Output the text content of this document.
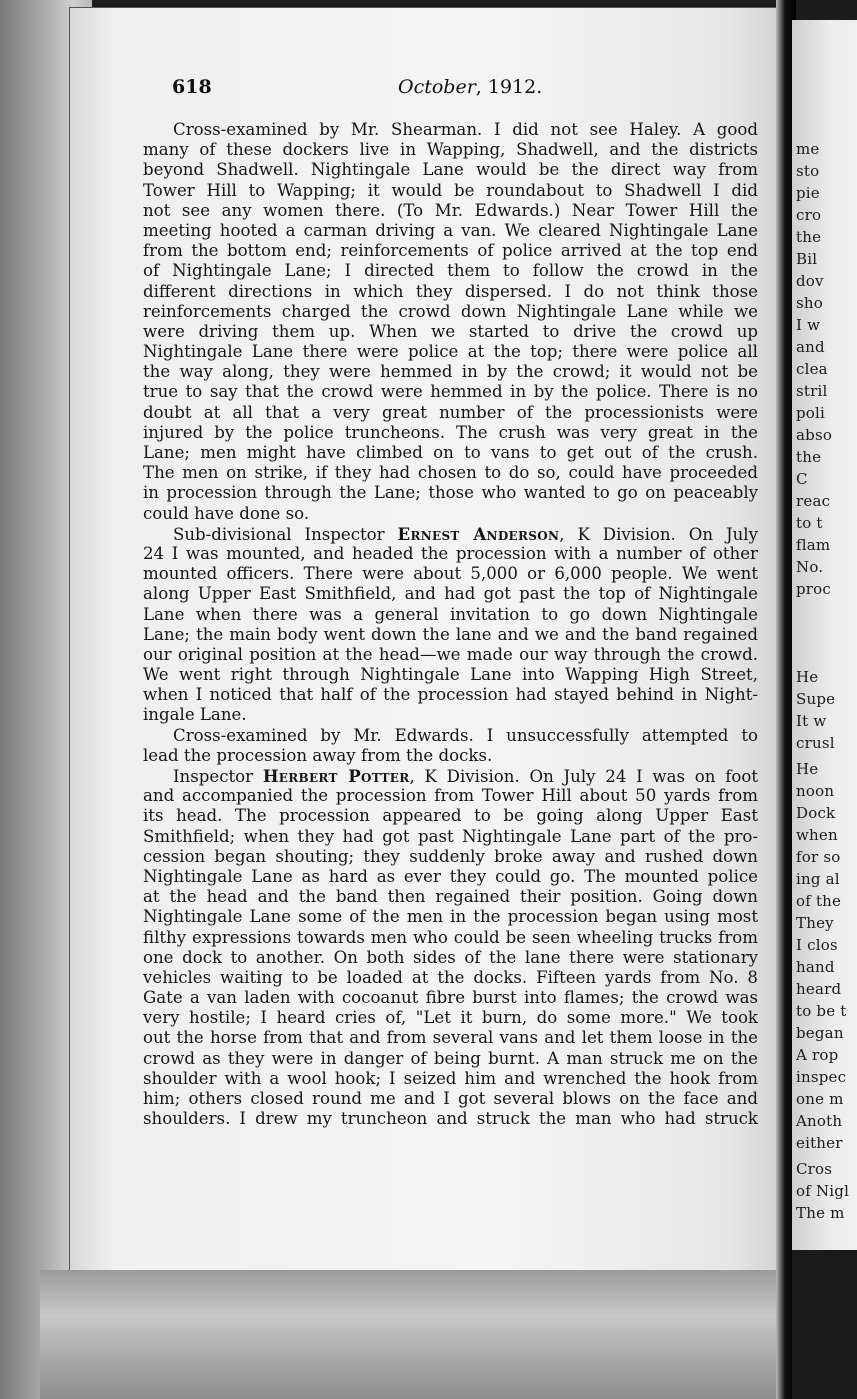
me
sto
pie
cro
the
Bil
dov
sho
I w
and
clea
stril
poli
abso
the
C
reac
to t
flam
No.
proc
He
Supe
It w
crusl
He
noon
Dock
when
for so
ing al
of the
They
I clos
hand
heard
to be t
began
A rop
inspec
one m
Anoth
either
Cros
of Nigl
The m
618	October, 1912.
Cross-examined by Mr. Shearman. I did not see Haley. A good
many of these dockers live in Wapping, Shadwell, and the districts
beyond Shadwell. Nightingale Lane would be the direct way from
Tower Hill to Wapping; it would be roundabout to Shadwell I did
not see any women there. (To Mr. Edwards.) Near Tower Hill the
meeting hooted a carman driving a van. We cleared Nightingale Lane
from the bottom end; reinforcements of police arrived at the top end
of Nightingale Lane; I directed them to follow the crowd in the
different directions in which they dispersed. I do not think those
reinforcements charged the crowd down Nightingale Lane while we
were driving them up. When we started to drive the crowd up
Nightingale Lane there were police at the top; there were police all
the way along, they were hemmed in by the crowd; it would not be
true to say that the crowd were hemmed in by the police. There is no
doubt at all that a very great number of the processionists were
injured by the police truncheons. The crush was very great in the
Lane; men might have climbed on to vans to get out of the crush.
The men on strike, if they had chosen to do so, could have proceeded
in procession through the Lane; those who wanted to go on peaceably
could have done so.
Sub-divisional Inspector Ernest Anderson, K Division. On July
24 I was mounted, and headed the procession with a number of other
mounted officers. There were about 5,000 or 6,000 people. We went
along Upper East Smithfield, and had got past the top of Nightingale
Lane when there was a general invitation to go down Nightingale
Lane; the main body went down the lane and we and the band regained
our original position at the head—we made our way through the crowd.
We went right through Nightingale Lane into Wapping High Street,
when I noticed that half of the procession had stayed behind in Night-
ingale Lane.
Cross-examined by Mr. Edwards. I unsuccessfully attempted to
lead the procession away from the docks.
Inspector Herbert Potter, K Division. On July 24 I was on foot
and accompanied the procession from Tower Hill about 50 yards from
its head. The procession appeared to be going along Upper East
Smithfield; when they had got past Nightingale Lane part of the pro-
cession began shouting; they suddenly broke away and rushed down
Nightingale Lane as hard as ever they could go. The mounted police
at the head and the band then regained their position. Going down
Nightingale Lane some of the men in the procession began using most
filthy expressions towards men who could be seen wheeling trucks from
one dock to another. On both sides of the lane there were stationary
vehicles waiting to be loaded at the docks. Fifteen yards from No. 8
Gate a van laden with cocoanut fibre burst into flames; the crowd was
very hostile; I heard cries of, "Let it burn, do some more." We took
out the horse from that and from several vans and let them loose in the
crowd as they were in danger of being burnt. A man struck me on the
shoulder with a wool hook; I seized him and wrenched the hook from
him; others closed round me and I got several blows on the face and
shoulders. I drew my truncheon and struck the man who had struck
